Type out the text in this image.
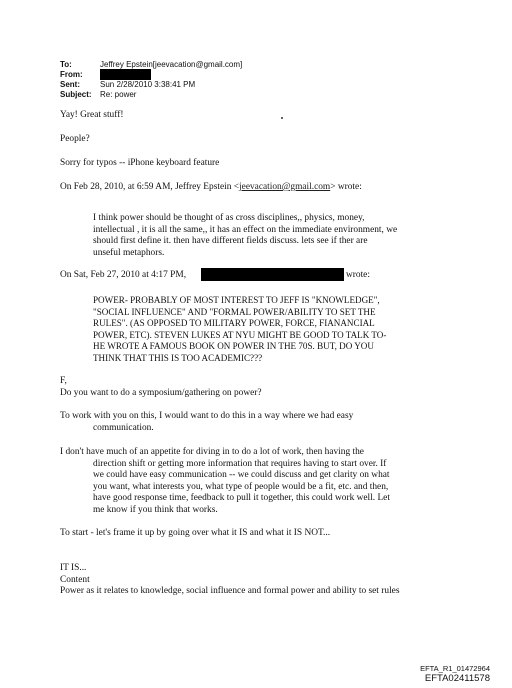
To:	Jeffrey Epstein[jeevacation@gmail.com]
From:
Sent:	Sun 2/28/2010 3:38:41 PM
Subject: Re: power

Yay! Great stuff!

People?

Sorry for typos -- iPhone keyboard feature

On Feb 28, 2010, at 6:59 AM, Jeffrey Epstein <jeevacation@gmail.com> wrote:

I think power should be thought of as cross disciplines,, physics, money,

intellectual , it is all the same,, it has an effect on the immediate environment, we

should first define it. then have different fields discuss. lets see if ther are

unseful metaphors.

On Sat, Feb 27, 2010 at 4:17 PM,	wrote:

POWER- PROBABLY OF MOST INTEREST TO JEFF IS "KNOWLEDGE",
"SOCIAL INFLUENCE" AND "FORMAL POWER/ABILITY TO SET THE
RULES". (AS OPPOSED TO MILITARY POWER, FORCE, FIANANCIAL
POWER, ETC). STEVEN LUKES AT NYU MIGHT BE GOOD TO TALK TO-
HE WROTE A FAMOUS BOOK ON POWER IN THE 70S. BUT, DO YOU
THINK THAT THIS IS TOO ACADEMIC???

F,

Do you want to do a symposium/gathering on power?

To work with you on this, I would want to do this in a way where we had easy

communication.

I don't have much of an appetite for diving in to do a lot of work, then having the

direction shift or getting more information that requires having to start over. If

we could have easy communication -- we could discuss and get clarity on what

you want, what interests you, what type of people would be a fit, etc. and then,

have good response time, feedback to pull it together, this could work well. Let

me know if you think that works.

To start - let's frame it up by going over what it IS and what it IS NOT...

IT IS...

Content

Power as it relates to knowledge, social influence and formal power and ability to set rules

EFTA_R1_01472964
EFTA02411578
